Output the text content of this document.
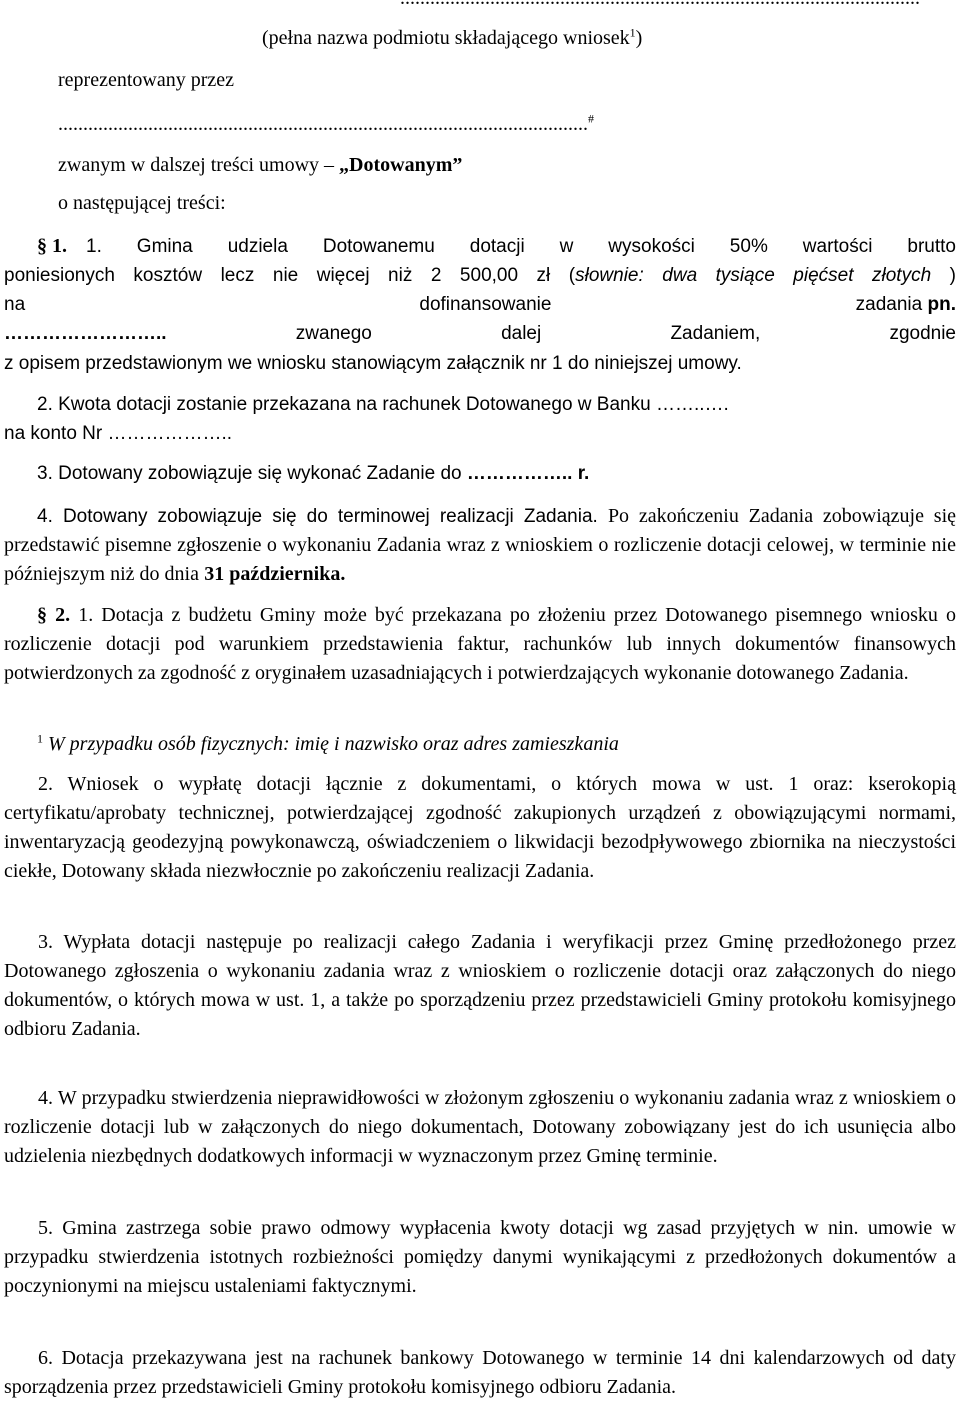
(pełna nazwa podmiotu składającego wniosek$^1$)
reprezentowany przez
..........................................................................................................#
zwanym w dalszej treści umowy – „Dotowanym”
o następującej treści:
§ 1.	1. Gmina udziela Dotowanemu dotacji w wysokości 50% wartości brutto
poniesionych kosztów lecz nie więcej niż 2 500,00 zł (słownie: dwa tysiące pięćset złotych )
na	dofinansowanie	zadania pn.
……………………..	zwanego dalej Zadaniem, zgodnie
z opisem przedstawionym we wniosku stanowiącym załącznik nr 1 do niniejszej umowy.
2. Kwota dotacji zostanie przekazana na rachunek Dotowanego w Banku ……..….
na konto Nr ………………..
3. Dotowany zobowiązuje się wykonać Zadanie do …………….. r.
4. Dotowany zobowiązuje się do terminowej realizacji Zadania. Po zakończeniu Zadania zobowiązuje się przedstawić pisemne zgłoszenie o wykonaniu Zadania wraz z wnioskiem o rozliczenie dotacji celowej, w terminie nie późniejszym niż do dnia 31 października.
§ 2. 1. Dotacja z budżetu Gminy może być przekazana po złożeniu przez Dotowanego pisemnego wniosku o rozliczenie dotacji pod warunkiem przedstawienia faktur, rachunków lub innych dokumentów finansowych potwierdzonych za zgodność z oryginałem uzasadniających i potwierdzających wykonanie dotowanego Zadania.
$^1$ W przypadku osób fizycznych: imię i nazwisko oraz adres zamieszkania
2. Wniosek o wypłatę dotacji łącznie z dokumentami, o których mowa w ust. 1 oraz: kserokopią certyfikatu/aprobaty technicznej, potwierdzającej zgodność zakupionych urządzeń z obowiązującymi normami, inwentaryzacją geodezyjną powykonawczą, oświadczeniem o likwidacji bezodpływowego zbiornika na nieczystości ciekłe, Dotowany składa niezwłocznie po zakończeniu realizacji Zadania.
3. Wypłata dotacji następuje po realizacji całego Zadania i weryfikacji przez Gminę przedłożonego przez Dotowanego zgłoszenia o wykonaniu zadania wraz z wnioskiem o rozliczenie dotacji oraz załączonych do niego dokumentów, o których mowa w ust. 1, a także po sporządzeniu przez przedstawicieli Gminy protokołu komisyjnego odbioru Zadania.
4. W przypadku stwierdzenia nieprawidłowości w złożonym zgłoszeniu o wykonaniu zadania wraz z wnioskiem o rozliczenie dotacji lub w załączonych do niego dokumentach, Dotowany zobowiązany jest do ich usunięcia albo udzielenia niezbędnych dodatkowych informacji w wyznaczonym przez Gminę terminie.
5. Gmina zastrzega sobie prawo odmowy wypłacenia kwoty dotacji wg zasad przyjętych w nin. umowie w przypadku stwierdzenia istotnych rozbieżności pomiędzy danymi wynikającymi z przedłożonych dokumentów a poczynionymi na miejscu ustaleniami faktycznymi.
6. Dotacja przekazywana jest na rachunek bankowy Dotowanego w terminie 14 dni kalendarzowych od daty sporządzenia przez przedstawicieli Gminy protokołu komisyjnego odbioru Zadania.
